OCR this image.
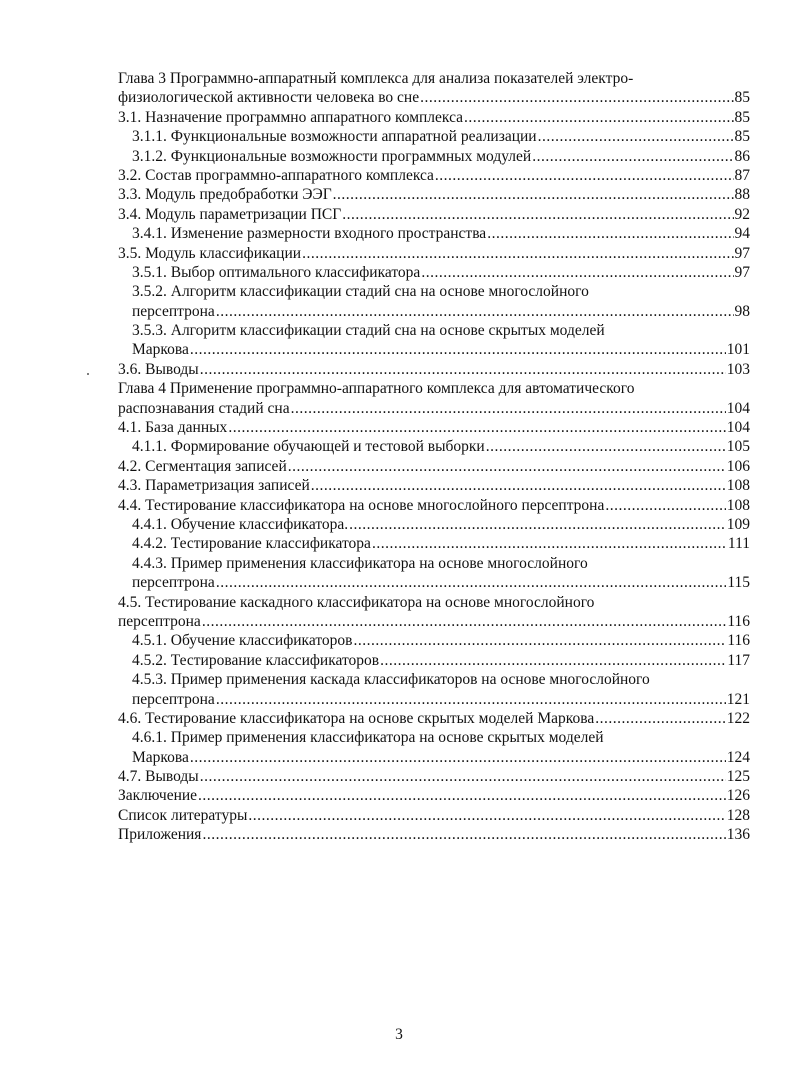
Глава 3 Программно-аппаратный комплекса для анализа показателей электро-
физиологической активности человека во сне .....	85
3.1. Назначение программно аппаратного комплекса .....	85
3.1.1. Функциональные возможности аппаратной реализации .....	85
3.1.2. Функциональные возможности программных модулей .....	86
3.2. Состав программно-аппаратного комплекса .....	87
3.3. Модуль предобработки ЭЭГ .....	88
3.4. Модуль параметризации ПСГ .....	92
3.4.1. Изменение размерности входного пространства .....	94
3.5. Модуль классификации .....	97
3.5.1. Выбор оптимального классификатора .....	97
3.5.2. Алгоритм классификации стадий сна на основе многослойного
персептрона .....	98
3.5.3. Алгоритм классификации стадий сна на основе скрытых моделей
Маркова .....	101
3.6. Выводы .....	103
Глава 4 Применение программно-аппаратного комплекса для автоматического
распознавания стадий сна .....	104
4.1. База данных .....	104
4.1.1. Формирование обучающей и тестовой выборки .....	105
4.2. Сегментация записей .....	106
4.3. Параметризация записей .....	108
4.4. Тестирование классификатора на основе многослойного персептрона .....	108
4.4.1. Обучение классификатора. .....	109
4.4.2. Тестирование классификатора .....	111
4.4.3. Пример применения классификатора на основе многослойного
персептрона .....	115
4.5. Тестирование каскадного классификатора на основе многослойного
персептрона .....	116
4.5.1. Обучение классификаторов .....	116
4.5.2. Тестирование классификаторов .....	117
4.5.3. Пример применения каскада классификаторов на основе многослойного
персептрона .....	121
4.6. Тестирование классификатора на основе скрытых моделей Маркова .....	122
4.6.1. Пример применения классификатора на основе скрытых моделей
Маркова .....	124
4.7. Выводы .....	125
Заключение .....	126
Список литературы .....	128
Приложения .....	136
3
